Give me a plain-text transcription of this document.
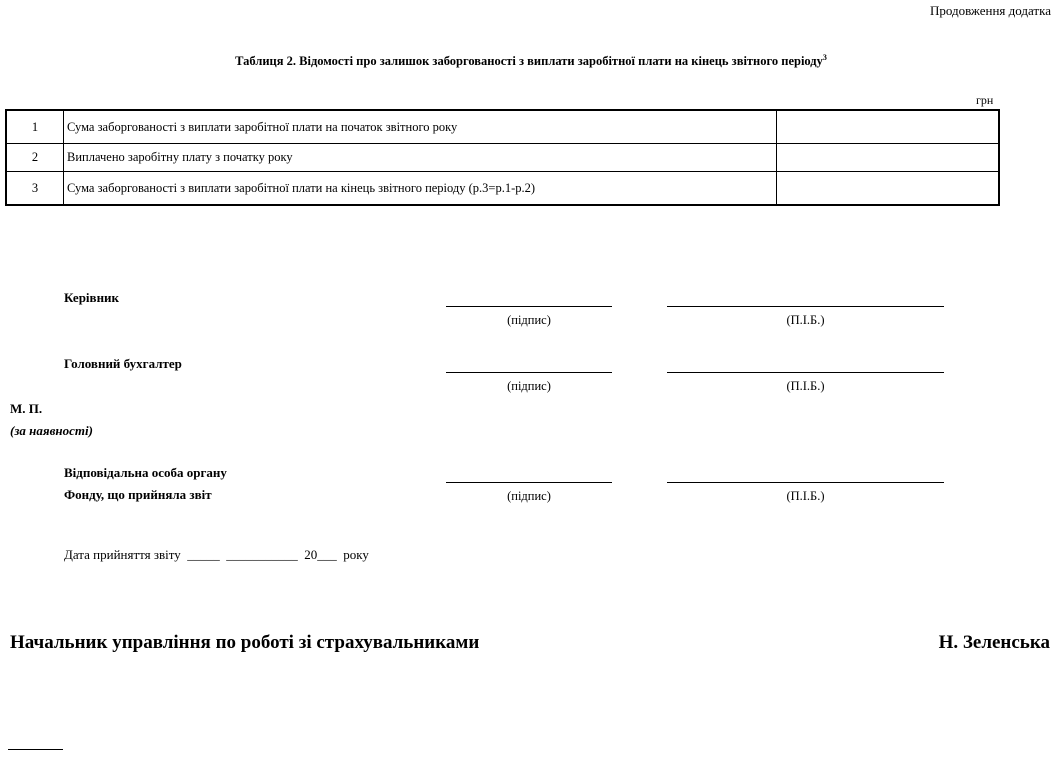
Продовження додатка
Таблиця 2. Відомості про залишок заборгованості з виплати заробітної плати на кінець звітного періоду$^3$
грн
1	Сума заборгованості з виплати заробітної плати на початок звітного року	
2	Виплачено заробітну плату з початку року	
3	Сума заборгованості з виплати заробітної плати на кінець звітного періоду (р.3=р.1-р.2)	
Керівник
(підпис)	(П.І.Б.)
Головний бухгалтер
(підпис)	(П.І.Б.)
М. П.
(за наявності)
Відповідальна особа органу
Фонду, що прийняла звіт	(підпис)	(П.І.Б.)
Дата прийняття звіту  _____  ___________  20___  року
Начальник управління по роботі зі страхувальниками	Н. Зеленська
